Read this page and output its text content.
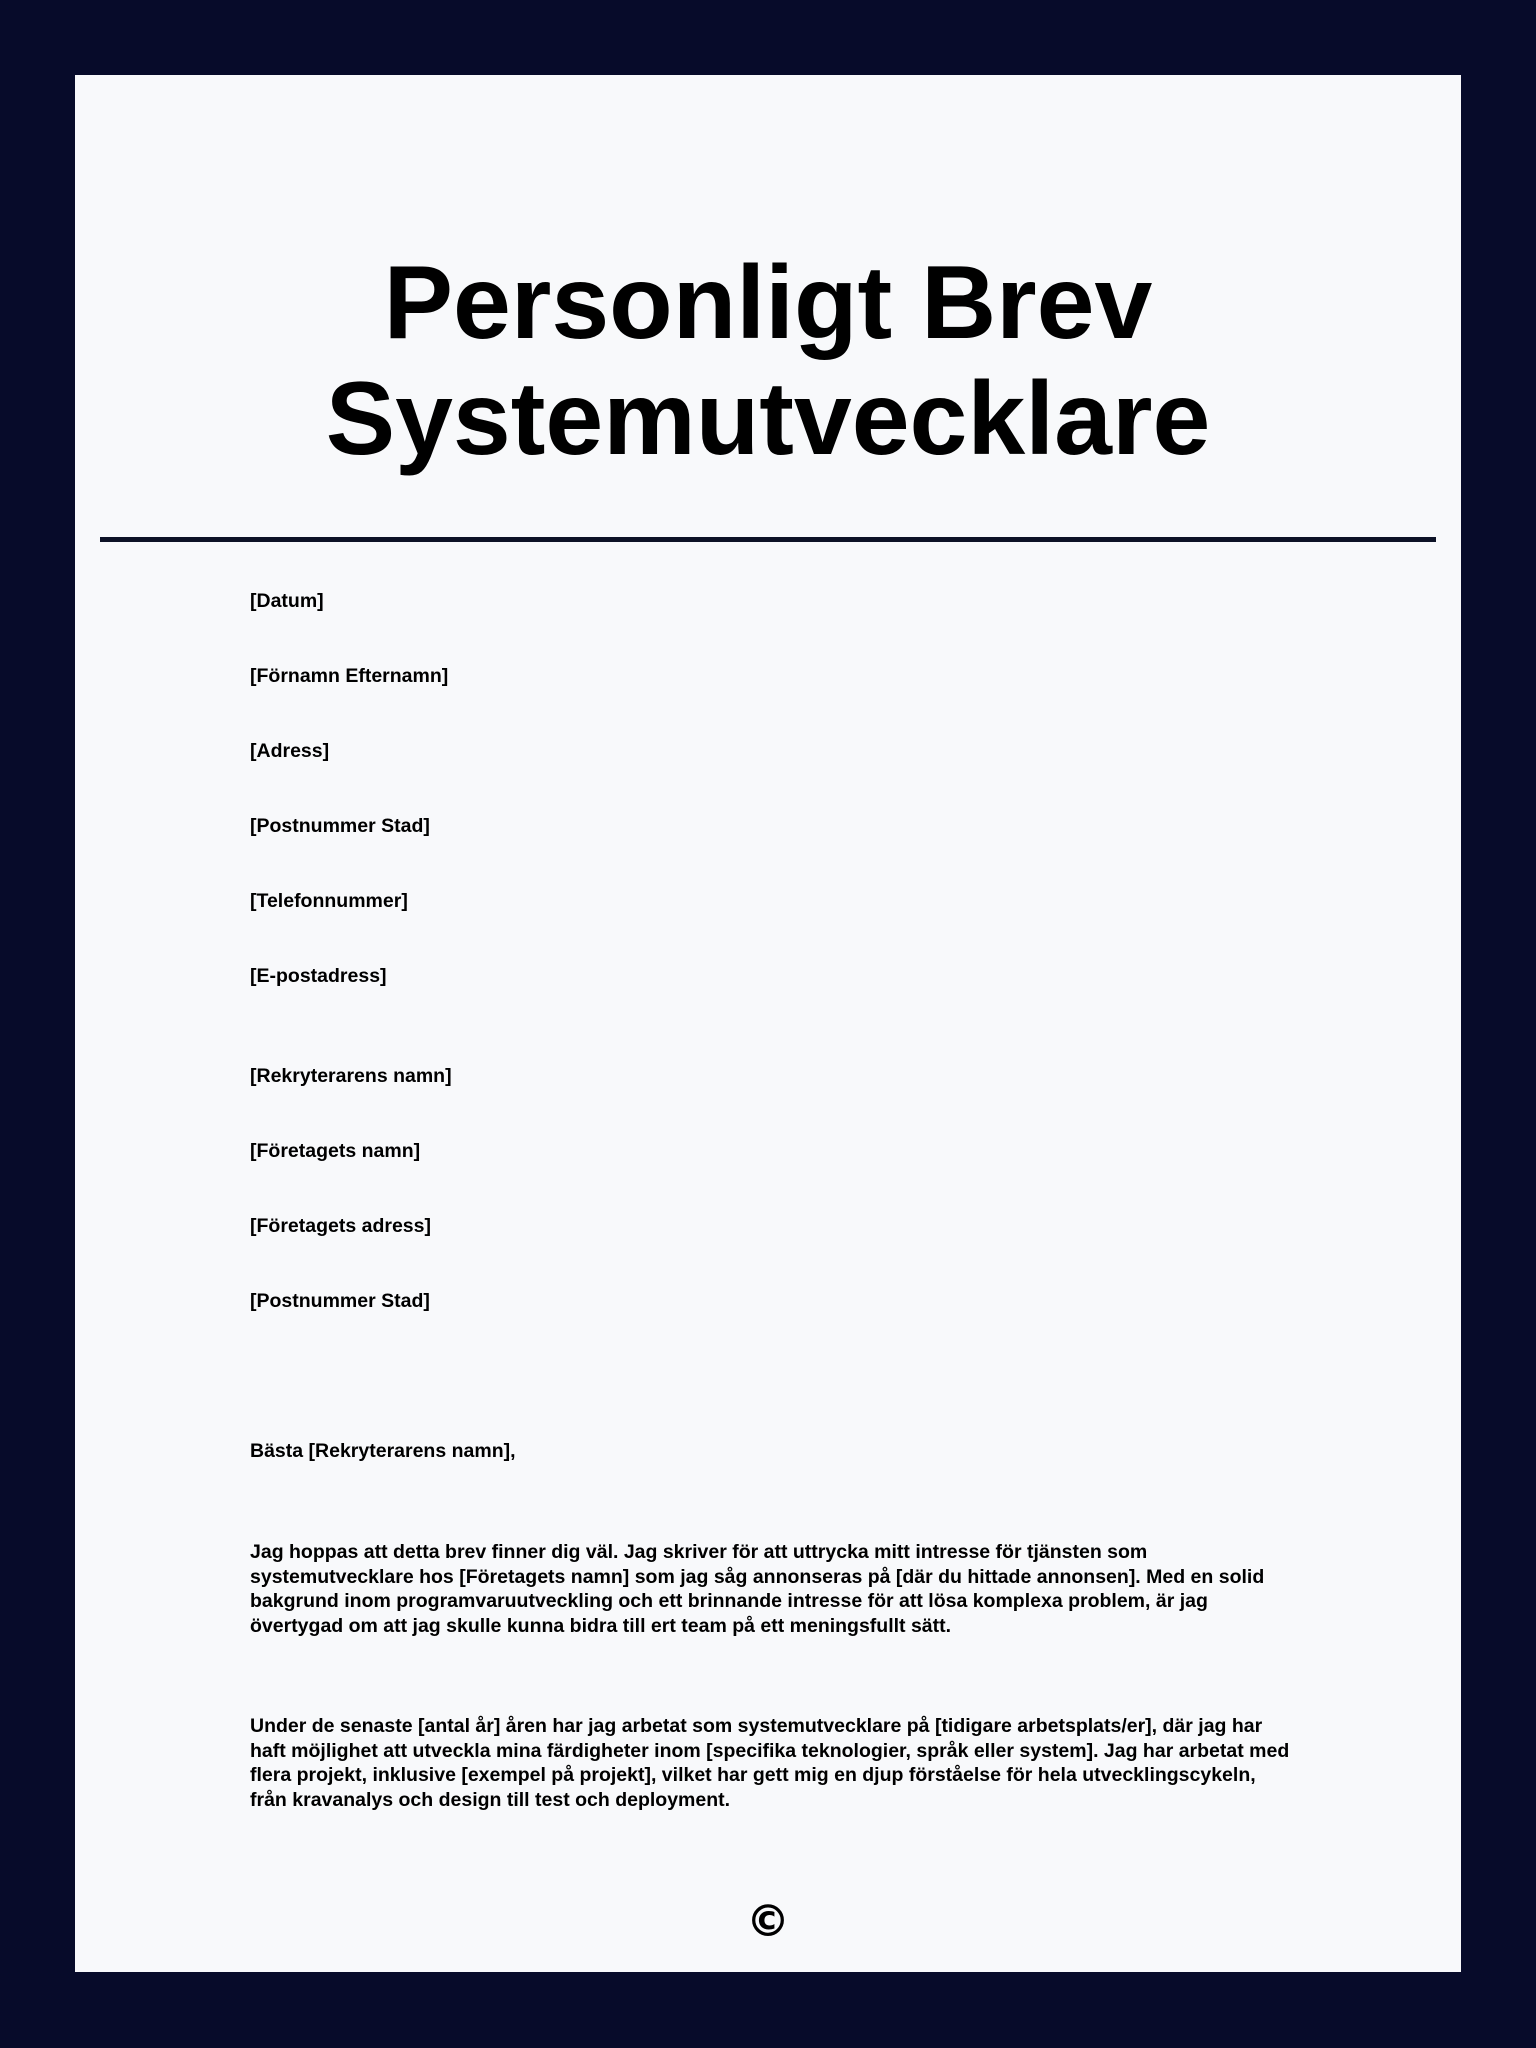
Personligt Brev
Systemutvecklare
[Datum]
[Förnamn Efternamn]
[Adress]
[Postnummer Stad]
[Telefonnummer]
[E-postadress]
[Rekryterarens namn]
[Företagets namn]
[Företagets adress]
[Postnummer Stad]
Bästa [Rekryterarens namn],
Jag hoppas att detta brev finner dig väl. Jag skriver för att uttrycka mitt intresse för tjänsten som systemutvecklare hos [Företagets namn] som jag såg annonseras på [där du hittade annonsen]. Med en solid bakgrund inom programvaruutveckling och ett brinnande intresse för att lösa komplexa problem, är jag övertygad om att jag skulle kunna bidra till ert team på ett meningsfullt sätt.
Under de senaste [antal år] åren har jag arbetat som systemutvecklare på [tidigare arbetsplats/er], där jag har haft möjlighet att utveckla mina färdigheter inom [specifika teknologier, språk eller system]. Jag har arbetat med flera projekt, inklusive [exempel på projekt], vilket har gett mig en djup förståelse för hela utvecklingscykeln, från kravanalys och design till test och deployment.
©
